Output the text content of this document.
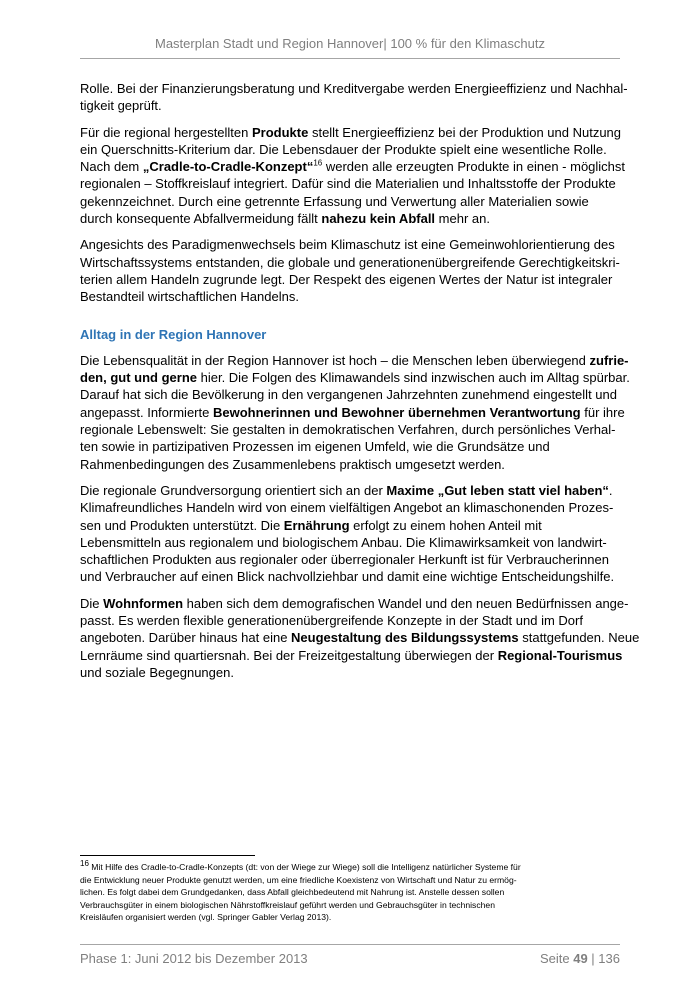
Masterplan Stadt und Region Hannover| 100 % für den Klimaschutz

Rolle. Bei der Finanzierungsberatung und Kreditvergabe werden Energieeffizienz und Nachhal-
tigkeit geprüft.

Für die regional hergestellten Produkte stellt Energieeffizienz bei der Produktion und Nutzung
ein Querschnitts-Kriterium dar. Die Lebensdauer der Produkte spielt eine wesentliche Rolle.
Nach dem „Cradle-to-Cradle-Konzept“$^{16}$ werden alle erzeugten Produkte in einen - möglichst
regionalen – Stoffkreislauf integriert. Dafür sind die Materialien und Inhaltsstoffe der Produkte
gekennzeichnet. Durch eine getrennte Erfassung und Verwertung aller Materialien sowie
durch konsequente Abfallvermeidung fällt nahezu kein Abfall mehr an.

Angesichts des Paradigmenwechsels beim Klimaschutz ist eine Gemeinwohlorientierung des
Wirtschaftssystems entstanden, die globale und generationenübergreifende Gerechtigkeitskri-
terien allem Handeln zugrunde legt. Der Respekt des eigenen Wertes der Natur ist integraler
Bestandteil wirtschaftlichen Handelns.

Alltag in der Region Hannover

Die Lebensqualität in der Region Hannover ist hoch – die Menschen leben überwiegend zufrie-
den, gut und gerne hier. Die Folgen des Klimawandels sind inzwischen auch im Alltag spürbar.
Darauf hat sich die Bevölkerung in den vergangenen Jahrzehnten zunehmend eingestellt und
angepasst. Informierte Bewohnerinnen und Bewohner übernehmen Verantwortung für ihre
regionale Lebenswelt: Sie gestalten in demokratischen Verfahren, durch persönliches Verhal-
ten sowie in partizipativen Prozessen im eigenen Umfeld, wie die Grundsätze und
Rahmenbedingungen des Zusammenlebens praktisch umgesetzt werden.

Die regionale Grundversorgung orientiert sich an der Maxime „Gut leben statt viel haben“.
Klimafreundliches Handeln wird von einem vielfältigen Angebot an klimaschonenden Prozes-
sen und Produkten unterstützt. Die Ernährung erfolgt zu einem hohen Anteil mit
Lebensmitteln aus regionalem und biologischem Anbau. Die Klimawirksamkeit von landwirt-
schaftlichen Produkten aus regionaler oder überregionaler Herkunft ist für Verbraucherinnen
und Verbraucher auf einen Blick nachvollziehbar und damit eine wichtige Entscheidungshilfe.

Die Wohnformen haben sich dem demografischen Wandel und den neuen Bedürfnissen ange-
passt. Es werden flexible generationenübergreifende Konzepte in der Stadt und im Dorf
angeboten. Darüber hinaus hat eine Neugestaltung des Bildungssystems stattgefunden. Neue
Lernräume sind quartiersnah. Bei der Freizeitgestaltung überwiegen der Regional-Tourismus
und soziale Begegnungen.

$^{16}$ Mit Hilfe des Cradle-to-Cradle-Konzepts (dt: von der Wiege zur Wiege) soll die Intelligenz natürlicher Systeme für
die Entwicklung neuer Produkte genutzt werden, um eine friedliche Koexistenz von Wirtschaft und Natur zu ermög-
lichen. Es folgt dabei dem Grundgedanken, dass Abfall gleichbedeutend mit Nahrung ist. Anstelle dessen sollen
Verbrauchsgüter in einem biologischen Nährstoffkreislauf geführt werden und Gebrauchsgüter in technischen
Kreisläufen organisiert werden (vgl. Springer Gabler Verlag 2013).
Phase 1: Juni 2012 bis Dezember 2013	Seite 49 | 136
